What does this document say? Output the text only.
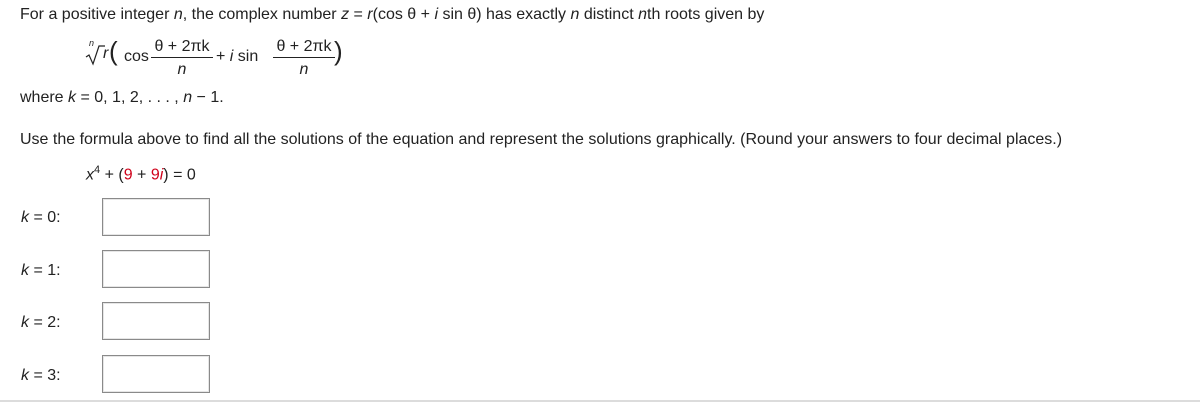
For a positive integer n, the complex number z = r(cos θ + i sin θ) has exactly n distinct nth roots given by
n
r ( cos
θ + 2πk
n
+ i sin
θ + 2πk
n
)
where k = 0, 1, 2, . . . , n − 1.
Use the formula above to find all the solutions of the equation and represent the solutions graphically. (Round your answers to four decimal places.)
$x^4 + (9 + 9i) = 0$
k = 0:
k = 1:
k = 2:
k = 3:
